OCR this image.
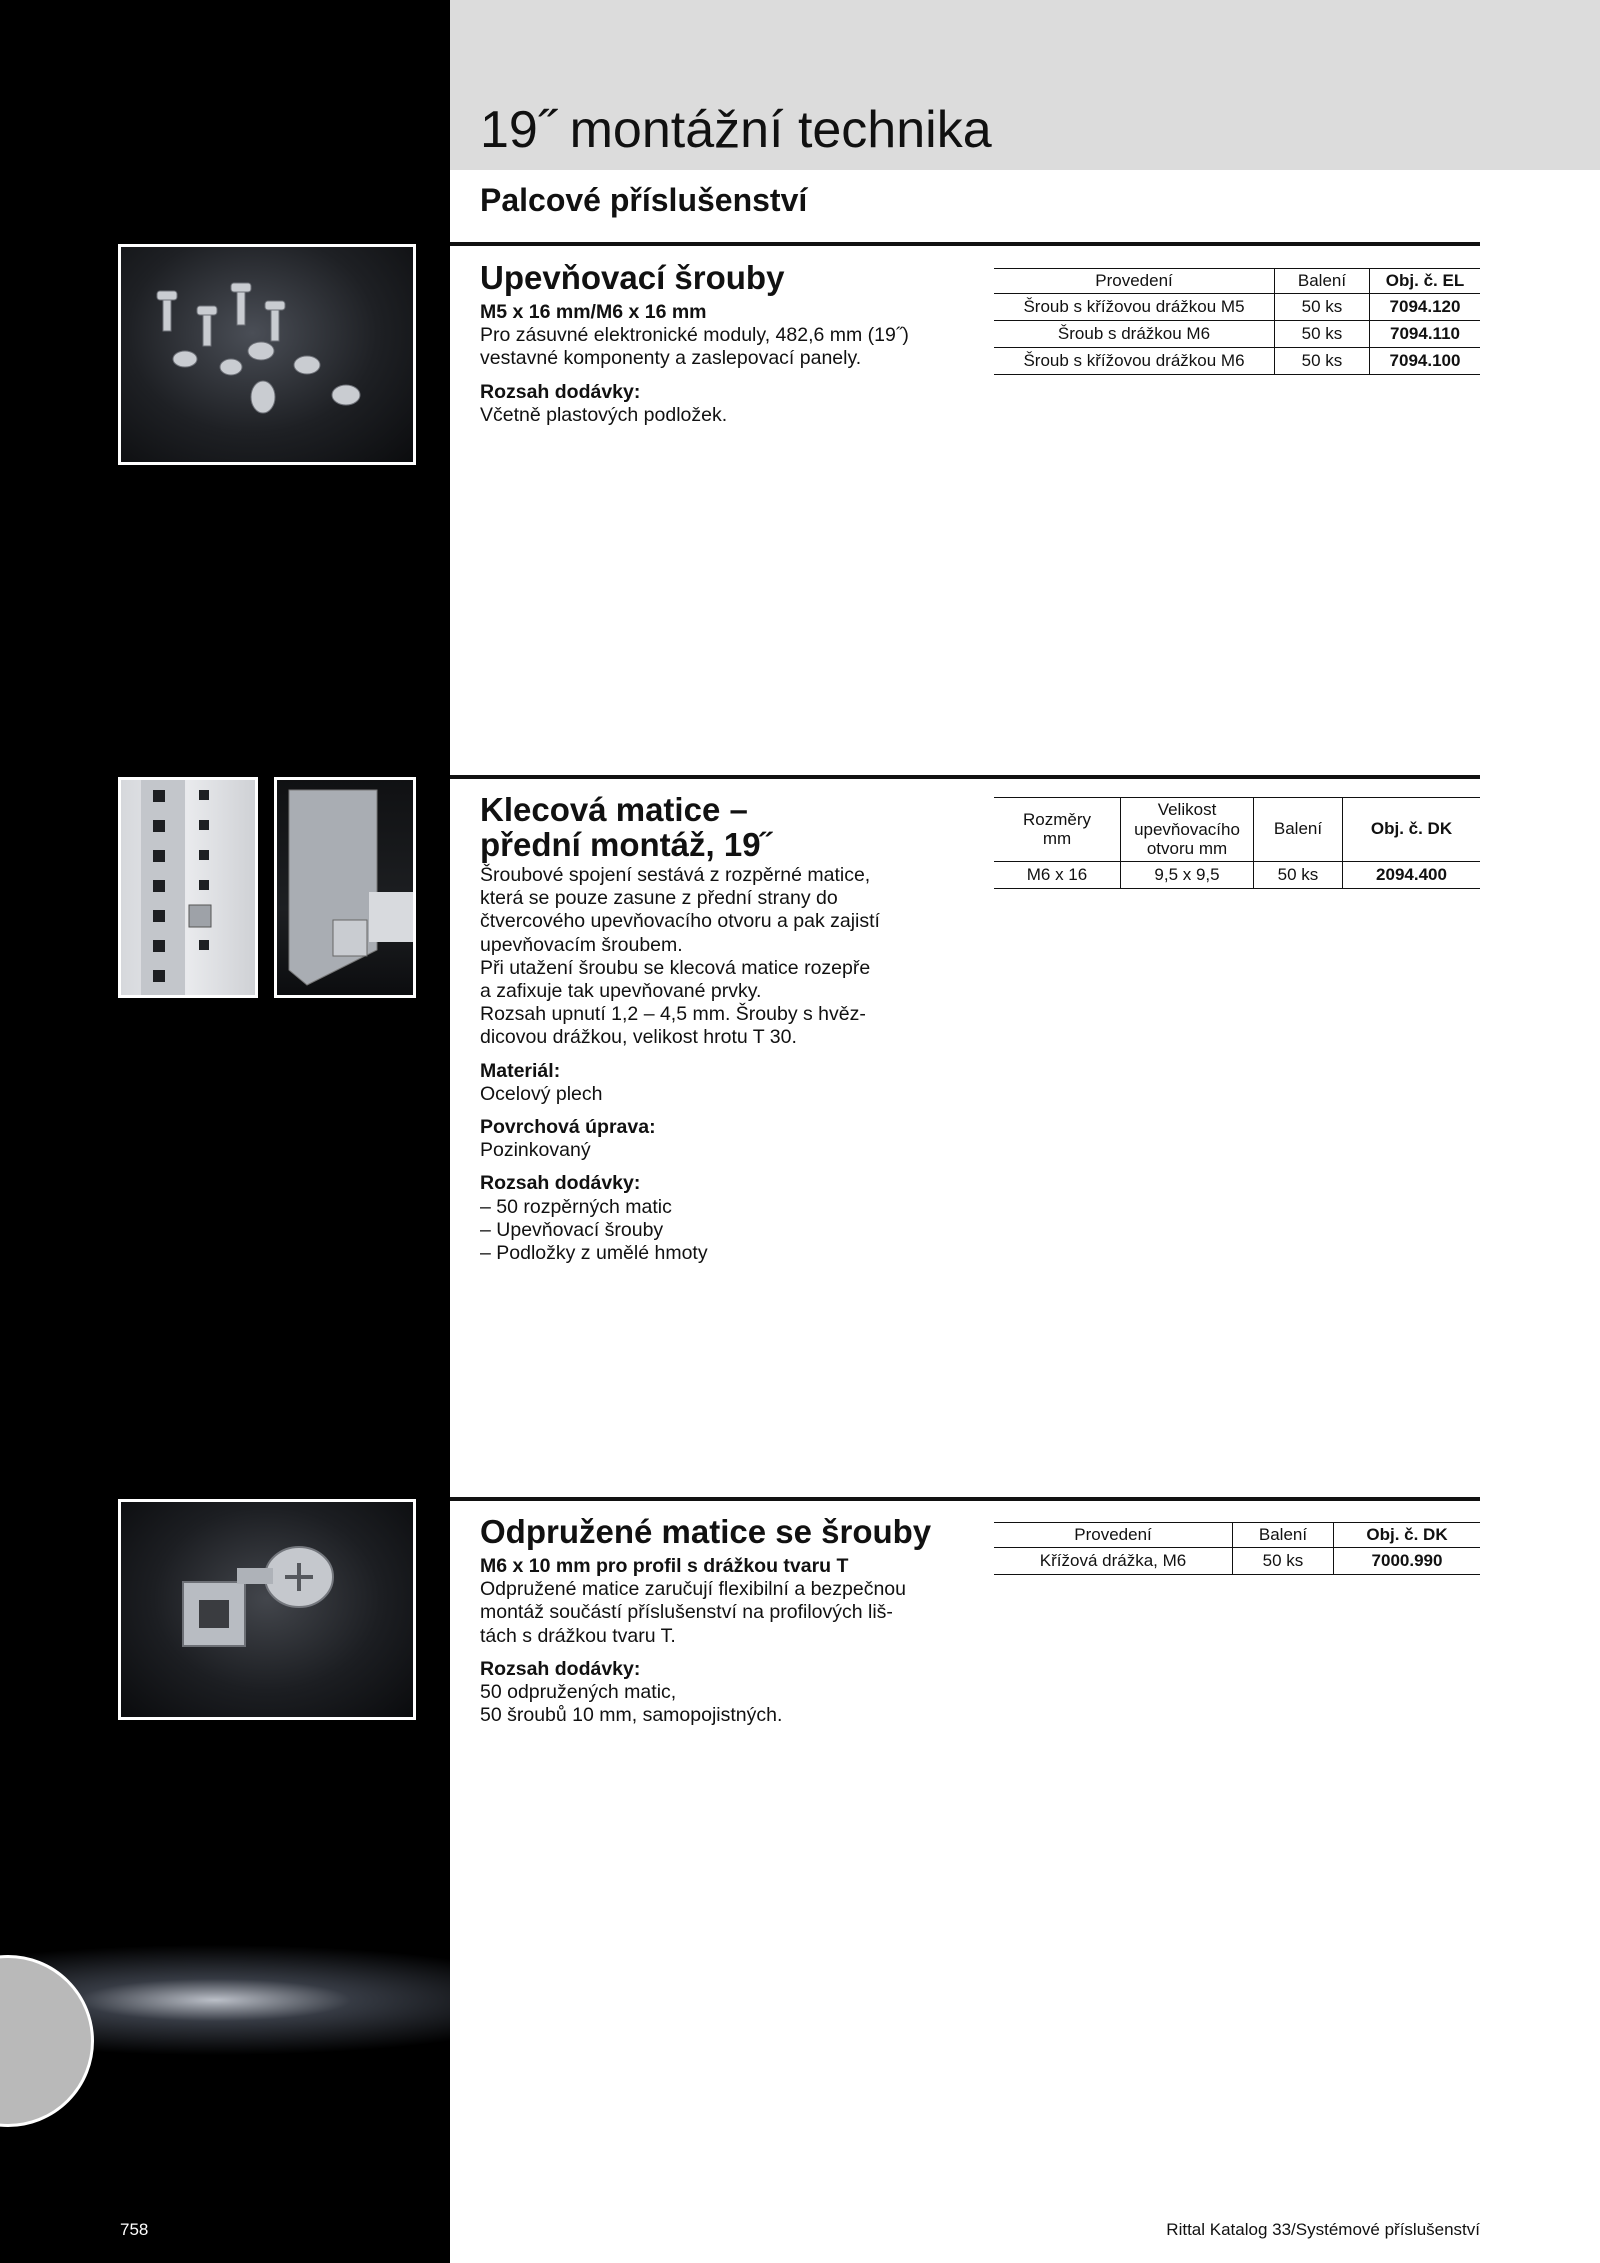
19˝ montážní technika
Palcové příslušenství
Upevňovací šrouby

M5 x 16 mm/M6 x 16 mm

Pro zásuvné elektronické moduly, 482,6 mm (19˝)

vestavné komponenty a zaslepovací panely.

Rozsah dodávky:

Včetně plastových podložek.

Provedení	Balení	Obj. č. EL
Šroub s křížovou drážkou M5	50 ks	7094.120
Šroub s drážkou M6	50 ks	7094.110
Šroub s křížovou drážkou M6	50 ks	7094.100
Klecová matice –
přední montáž, 19˝

Šroubové spojení sestává z rozpěrné matice,

která se pouze zasune z přední strany do

čtvercového upevňovacího otvoru a pak zajistí

upevňovacím šroubem.

Při utažení šroubu se klecová matice rozepře

a zafixuje tak upevňované prvky.

Rozsah upnutí 1,2 – 4,5 mm. Šrouby s hvěz-

dicovou drážkou, velikost hrotu T 30.

Materiál:

Ocelový plech

Povrchová úprava:

Pozinkovaný

Rozsah dodávky:

– 50 rozpěrných matic

– Upevňovací šrouby

– Podložky z umělé hmoty

Rozměry
mm	Velikost
upevňovacího
otvoru mm	Balení	Obj. č. DK
M6 x 16	9,5 x 9,5	50 ks	2094.400
Odpružené matice se šrouby

M6 x 10 mm pro profil s drážkou tvaru T

Odpružené matice zaručují flexibilní a bezpečnou

montáž součástí příslušenství na profilových liš-

tách s drážkou tvaru T.

Rozsah dodávky:

50 odpružených matic,

50 šroubů 10 mm, samopojistných.

Provedení	Balení	Obj. č. DK
Křížová drážka, M6	50 ks	7000.990
758	Rittal Katalog 33/Systémové příslušenství
